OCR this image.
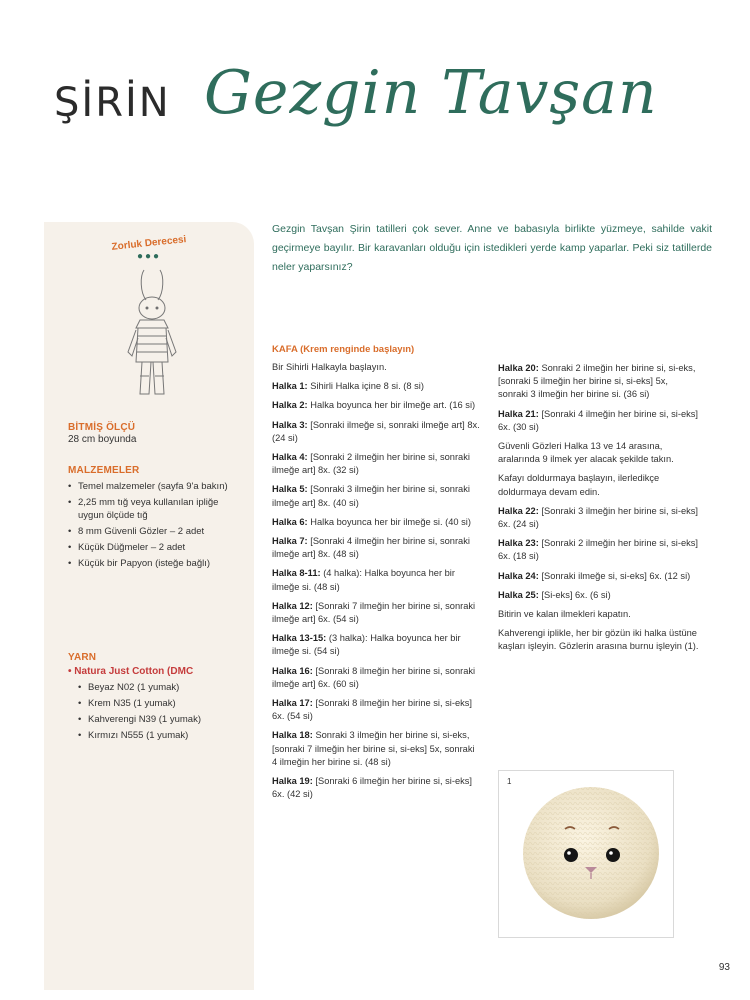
ŞİRİN Gezgin Tavşan
Zorluk Derecesi
●●●
BİTMİŞ ÖLÇÜ
28 cm boyunda
MALZEMELER
• Temel malzemeler (sayfa 9'a bakın)
• 2,25 mm tığ veya kullanılan ipliğe uygun ölçüde tığ
• 8 mm Güvenli Gözler – 2 adet
• Küçük Düğmeler – 2 adet
• Küçük bir Papyon (isteğe bağlı)
YARN
• Natura Just Cotton (DMC
• Beyaz N02 (1 yumak)
• Krem N35 (1 yumak)
• Kahverengi N39 (1 yumak)
• Kırmızı N555 (1 yumak)

Gezgin Tavşan Şirin tatilleri çok sever. Anne ve babasıyla birlikte yüzmeye, sahilde vakit geçirmeye bayılır. Bir karavanları olduğu için istedikleri yerde kamp yaparlar. Peki siz tatillerde neler yaparsınız?

KAFA (Krem renginde başlayın)

Bir Sihirli Halkayla başlayın.

Halka 1: Sihirli Halka içine 8 si. (8 si)

Halka 2: Halka boyunca her bir ilmeğe art. (16 si)

Halka 3: [Sonraki ilmeğe si, sonraki ilmeğe art] 8x. (24 si)

Halka 4: [Sonraki 2 ilmeğin her birine si, sonraki ilmeğe art] 8x. (32 si)

Halka 5: [Sonraki 3 ilmeğin her birine si, sonraki ilmeğe art] 8x. (40 si)

Halka 6: Halka boyunca her bir ilmeğe si. (40 si)

Halka 7: [Sonraki 4 ilmeğin her birine si, sonraki ilmeğe art] 8x. (48 si)

Halka 8-11: (4 halka): Halka boyunca her bir ilmeğe si. (48 si)

Halka 12: [Sonraki 7 ilmeğin her birine si, sonraki ilmeğe art] 6x. (54 si)

Halka 13-15: (3 halka): Halka boyunca her bir ilmeğe si. (54 si)

Halka 16: [Sonraki 8 ilmeğin her birine si, sonraki ilmeğe art] 6x. (60 si)

Halka 17: [Sonraki 8 ilmeğin her birine si, si-eks] 6x. (54 si)

Halka 18: Sonraki 3 ilmeğin her birine si, si-eks, [sonraki 7 ilmeğin her birine si, si-eks] 5x, sonraki 4 ilmeğin her birine si. (48 si)

Halka 19: [Sonraki 6 ilmeğin her birine si, si-eks] 6x. (42 si)

Halka 20: Sonraki 2 ilmeğin her birine si, si-eks, [sonraki 5 ilmeğin her birine si, si-eks] 5x, sonraki 3 ilmeğin her birine si. (36 si)

Halka 21: [Sonraki 4 ilmeğin her birine si, si-eks] 6x. (30 si)

Güvenli Gözleri Halka 13 ve 14 arasına, aralarında 9 ilmek yer alacak şekilde takın.

Kafayı doldurmaya başlayın, ilerledikçe doldurmaya devam edin.

Halka 22: [Sonraki 3 ilmeğin her birine si, si-eks] 6x. (24 si)

Halka 23: [Sonraki 2 ilmeğin her birine si, si-eks] 6x. (18 si)

Halka 24: [Sonraki ilmeğe si, si-eks] 6x. (12 si)

Halka 25: [Si-eks] 6x. (6 si)

Bitirin ve kalan ilmekleri kapatın.

Kahverengi iplikle, her bir gözün iki halka üstüne kaşları işleyin. Gözlerin arasına burnu işleyin (1).

1
93
